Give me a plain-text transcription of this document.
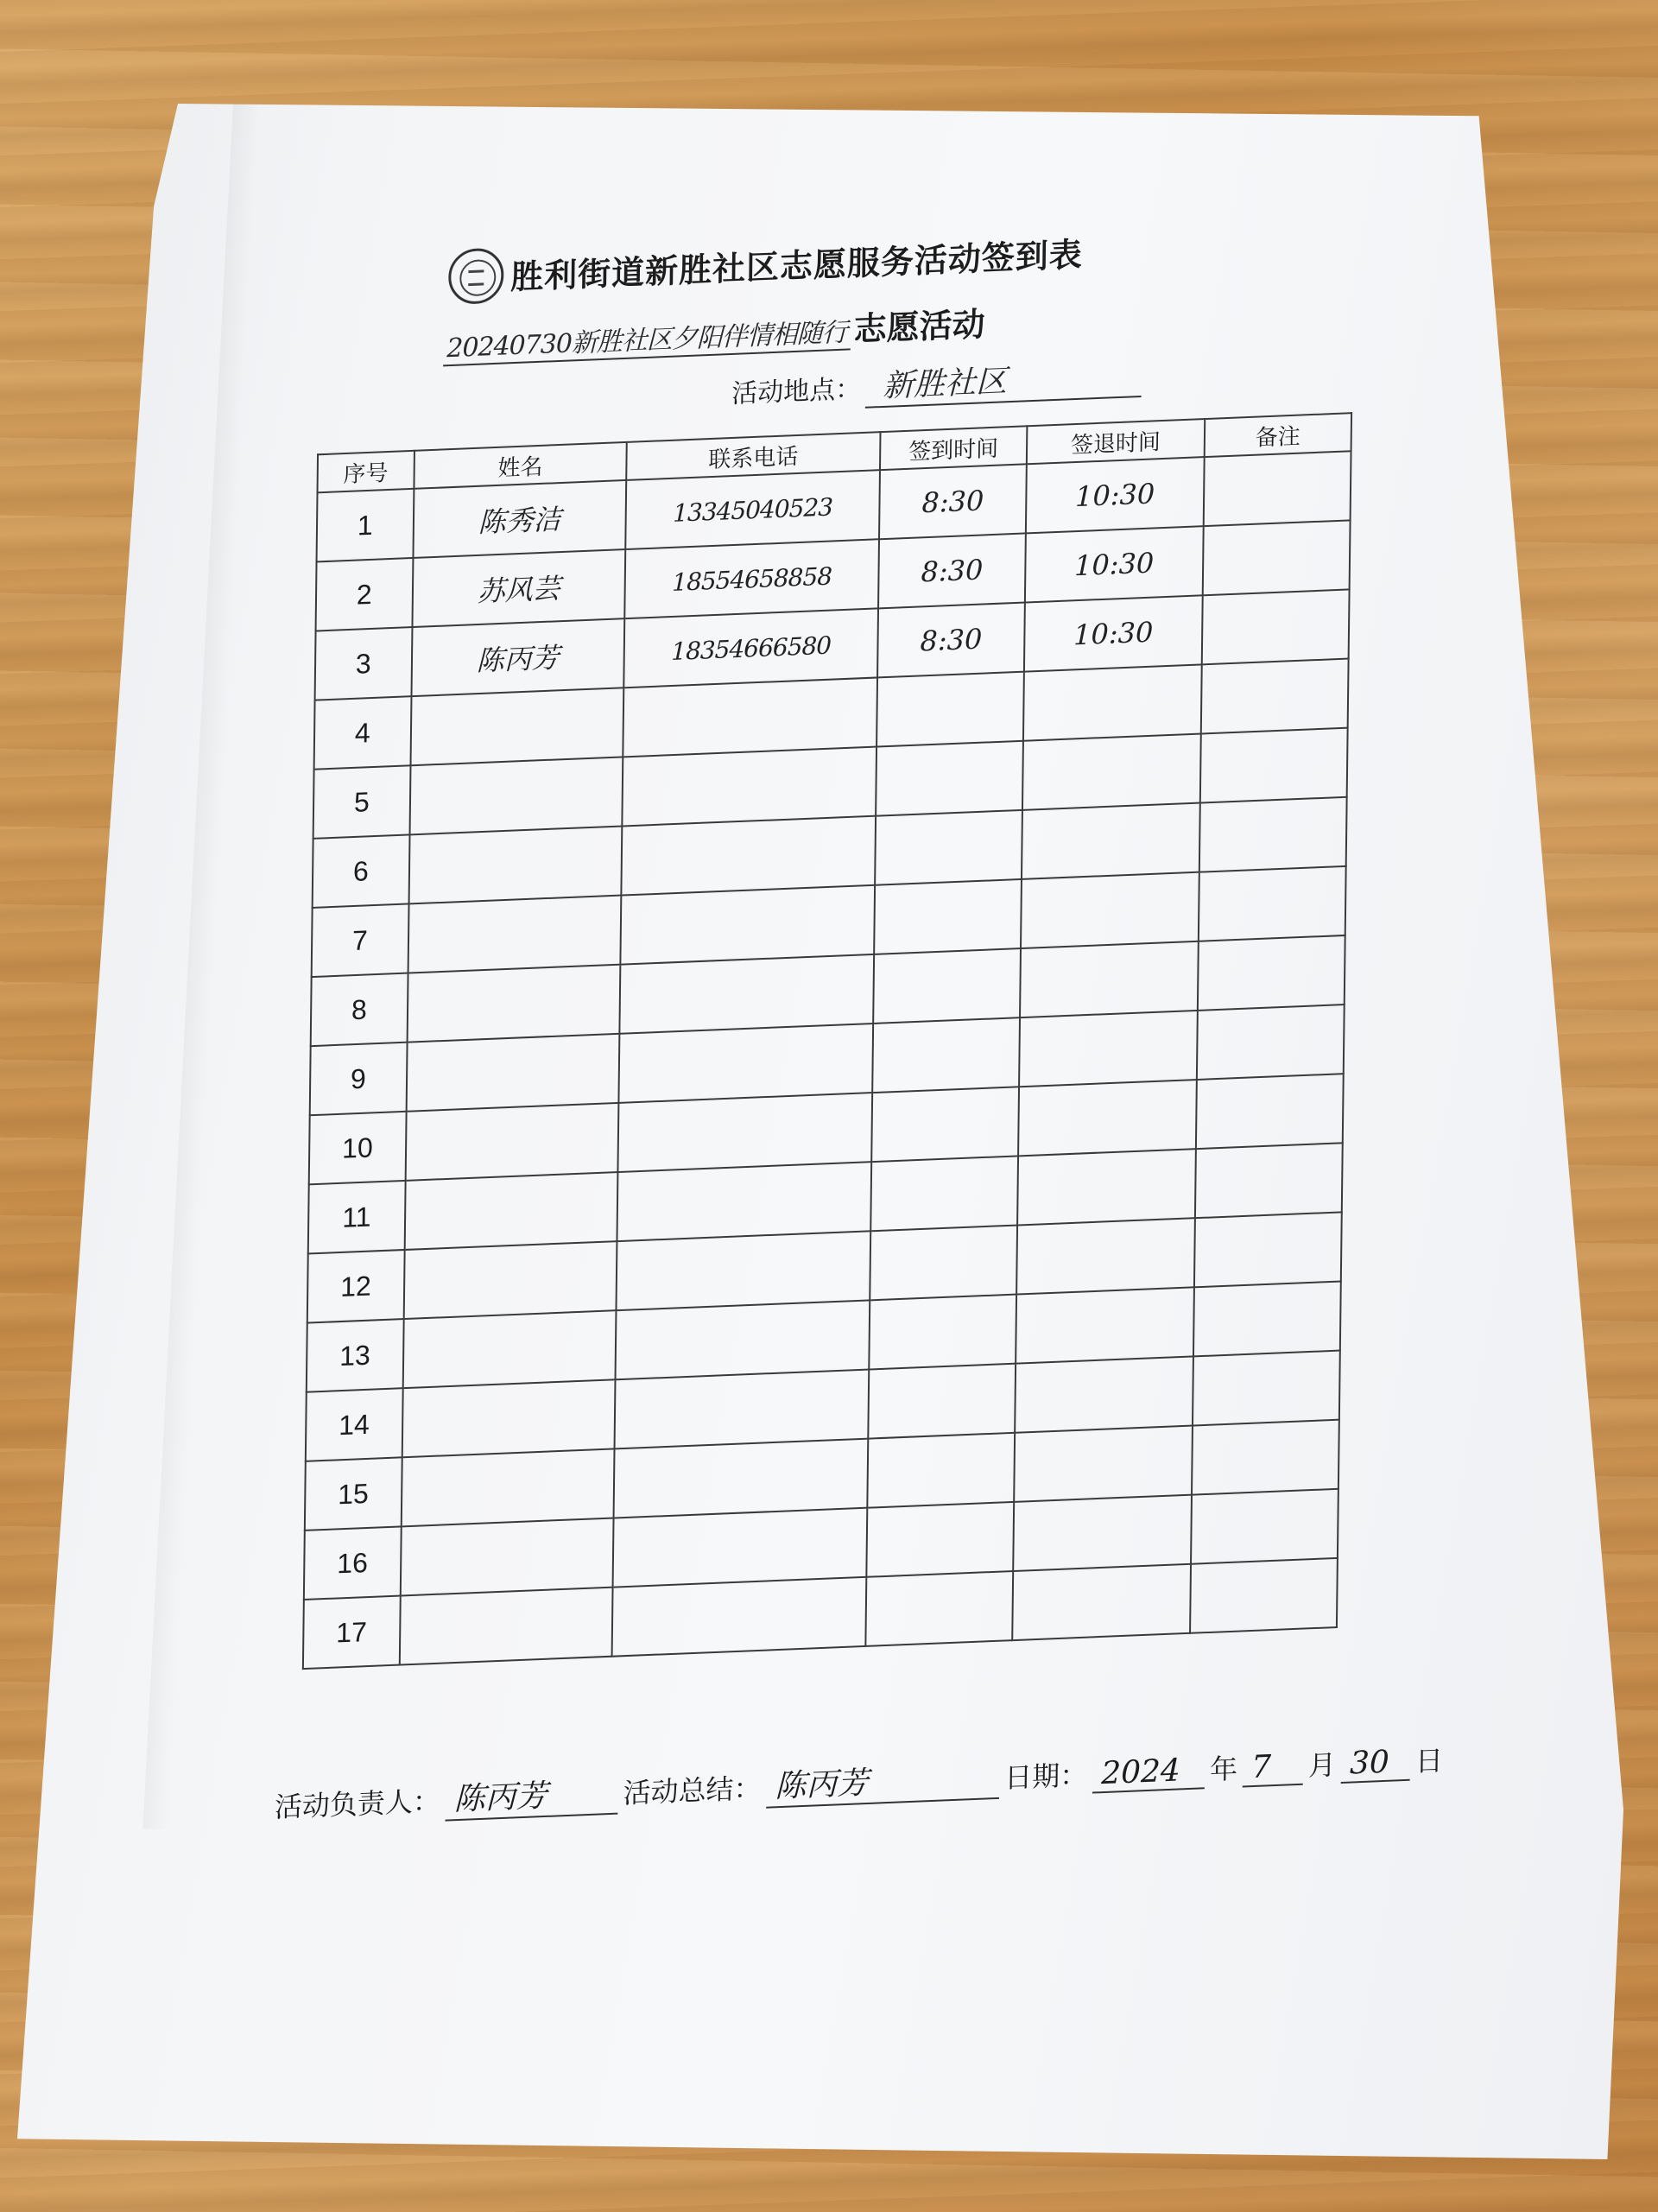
胜利街道新胜社区志愿服务活动签到表
20240730新胜社区夕阳伴情相随行 志愿活动
活动地点： 新胜社区
序号	姓名	联系电话	签到时间	签退时间	备注
1	陈秀洁	13345040523	8:30	10:30	
2	苏风芸	18554658858	8:30	10:30	
3	陈丙芳	18354666580	8:30	10:30	
4					
5					
6					
7					
8					
9					
10					
11					
12					
13					
14					
15					
16					
17					
活动负责人： 陈丙芳	活动总结： 陈丙芳	日期： 2024 年 7 月 30 日
